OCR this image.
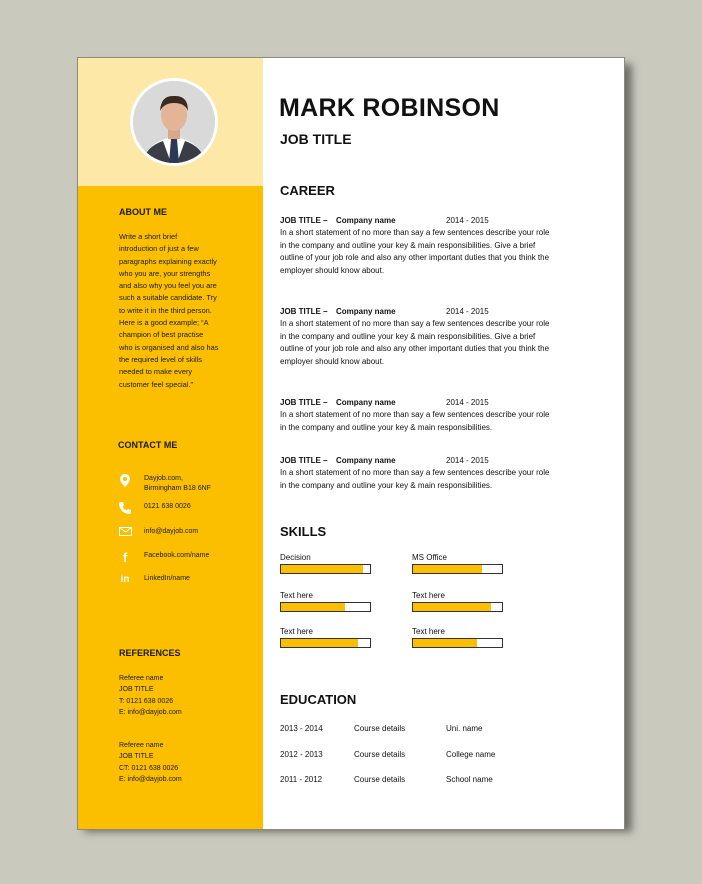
ABOUT ME
Write a short brief
introduction of just a few
paragraphs explaining exactly
who you are, your strengths
and also why you feel you are
such a suitable candidate. Try
to write it in the third person.
Here is a good example; “A
champion of best practise
who is organised and also has
the required level of skills
needed to make every
customer feel special.”
CONTACT ME
Dayjob.com,
Birmingham B18 6NF
0121 638 0026
info@dayjob.com
f	Facebook.com/name
in	LinkedIn/name
REFERENCES
Referee name
JOB TITLE
T: 0121 638 0026
E: info@dayjob.com
Referee name
JOB TITLE
CT: 0121 638 0026
E: info@dayjob.com
MARK ROBINSON
JOB TITLE
CAREER
JOB TITLE – Company name	2014 - 2015
In a short statement of no more than say a few sentences describe your role
in the company and outline your key & main responsibilities. Give a brief
outline of your job role and also any other important duties that you think the
employer should know about.
JOB TITLE – Company name	2014 - 2015
In a short statement of no more than say a few sentences describe your role
in the company and outline your key & main responsibilities. Give a brief
outline of your job role and also any other important duties that you think the
employer should know about.
JOB TITLE – Company name	2014 - 2015
In a short statement of no more than say a few sentences describe your role
in the company and outline your key & main responsibilities.
JOB TITLE – Company name	2014 - 2015
In a short statement of no more than say a few sentences describe your role
in the company and outline your key & main responsibilities.
SKILLS
Decision	MS Office
Text here	Text here
Text here	Text here
EDUCATION
2013 - 2014	Course details	Uni. name
2012 - 2013	Course details	College name
2011 - 2012	Course details	School name
